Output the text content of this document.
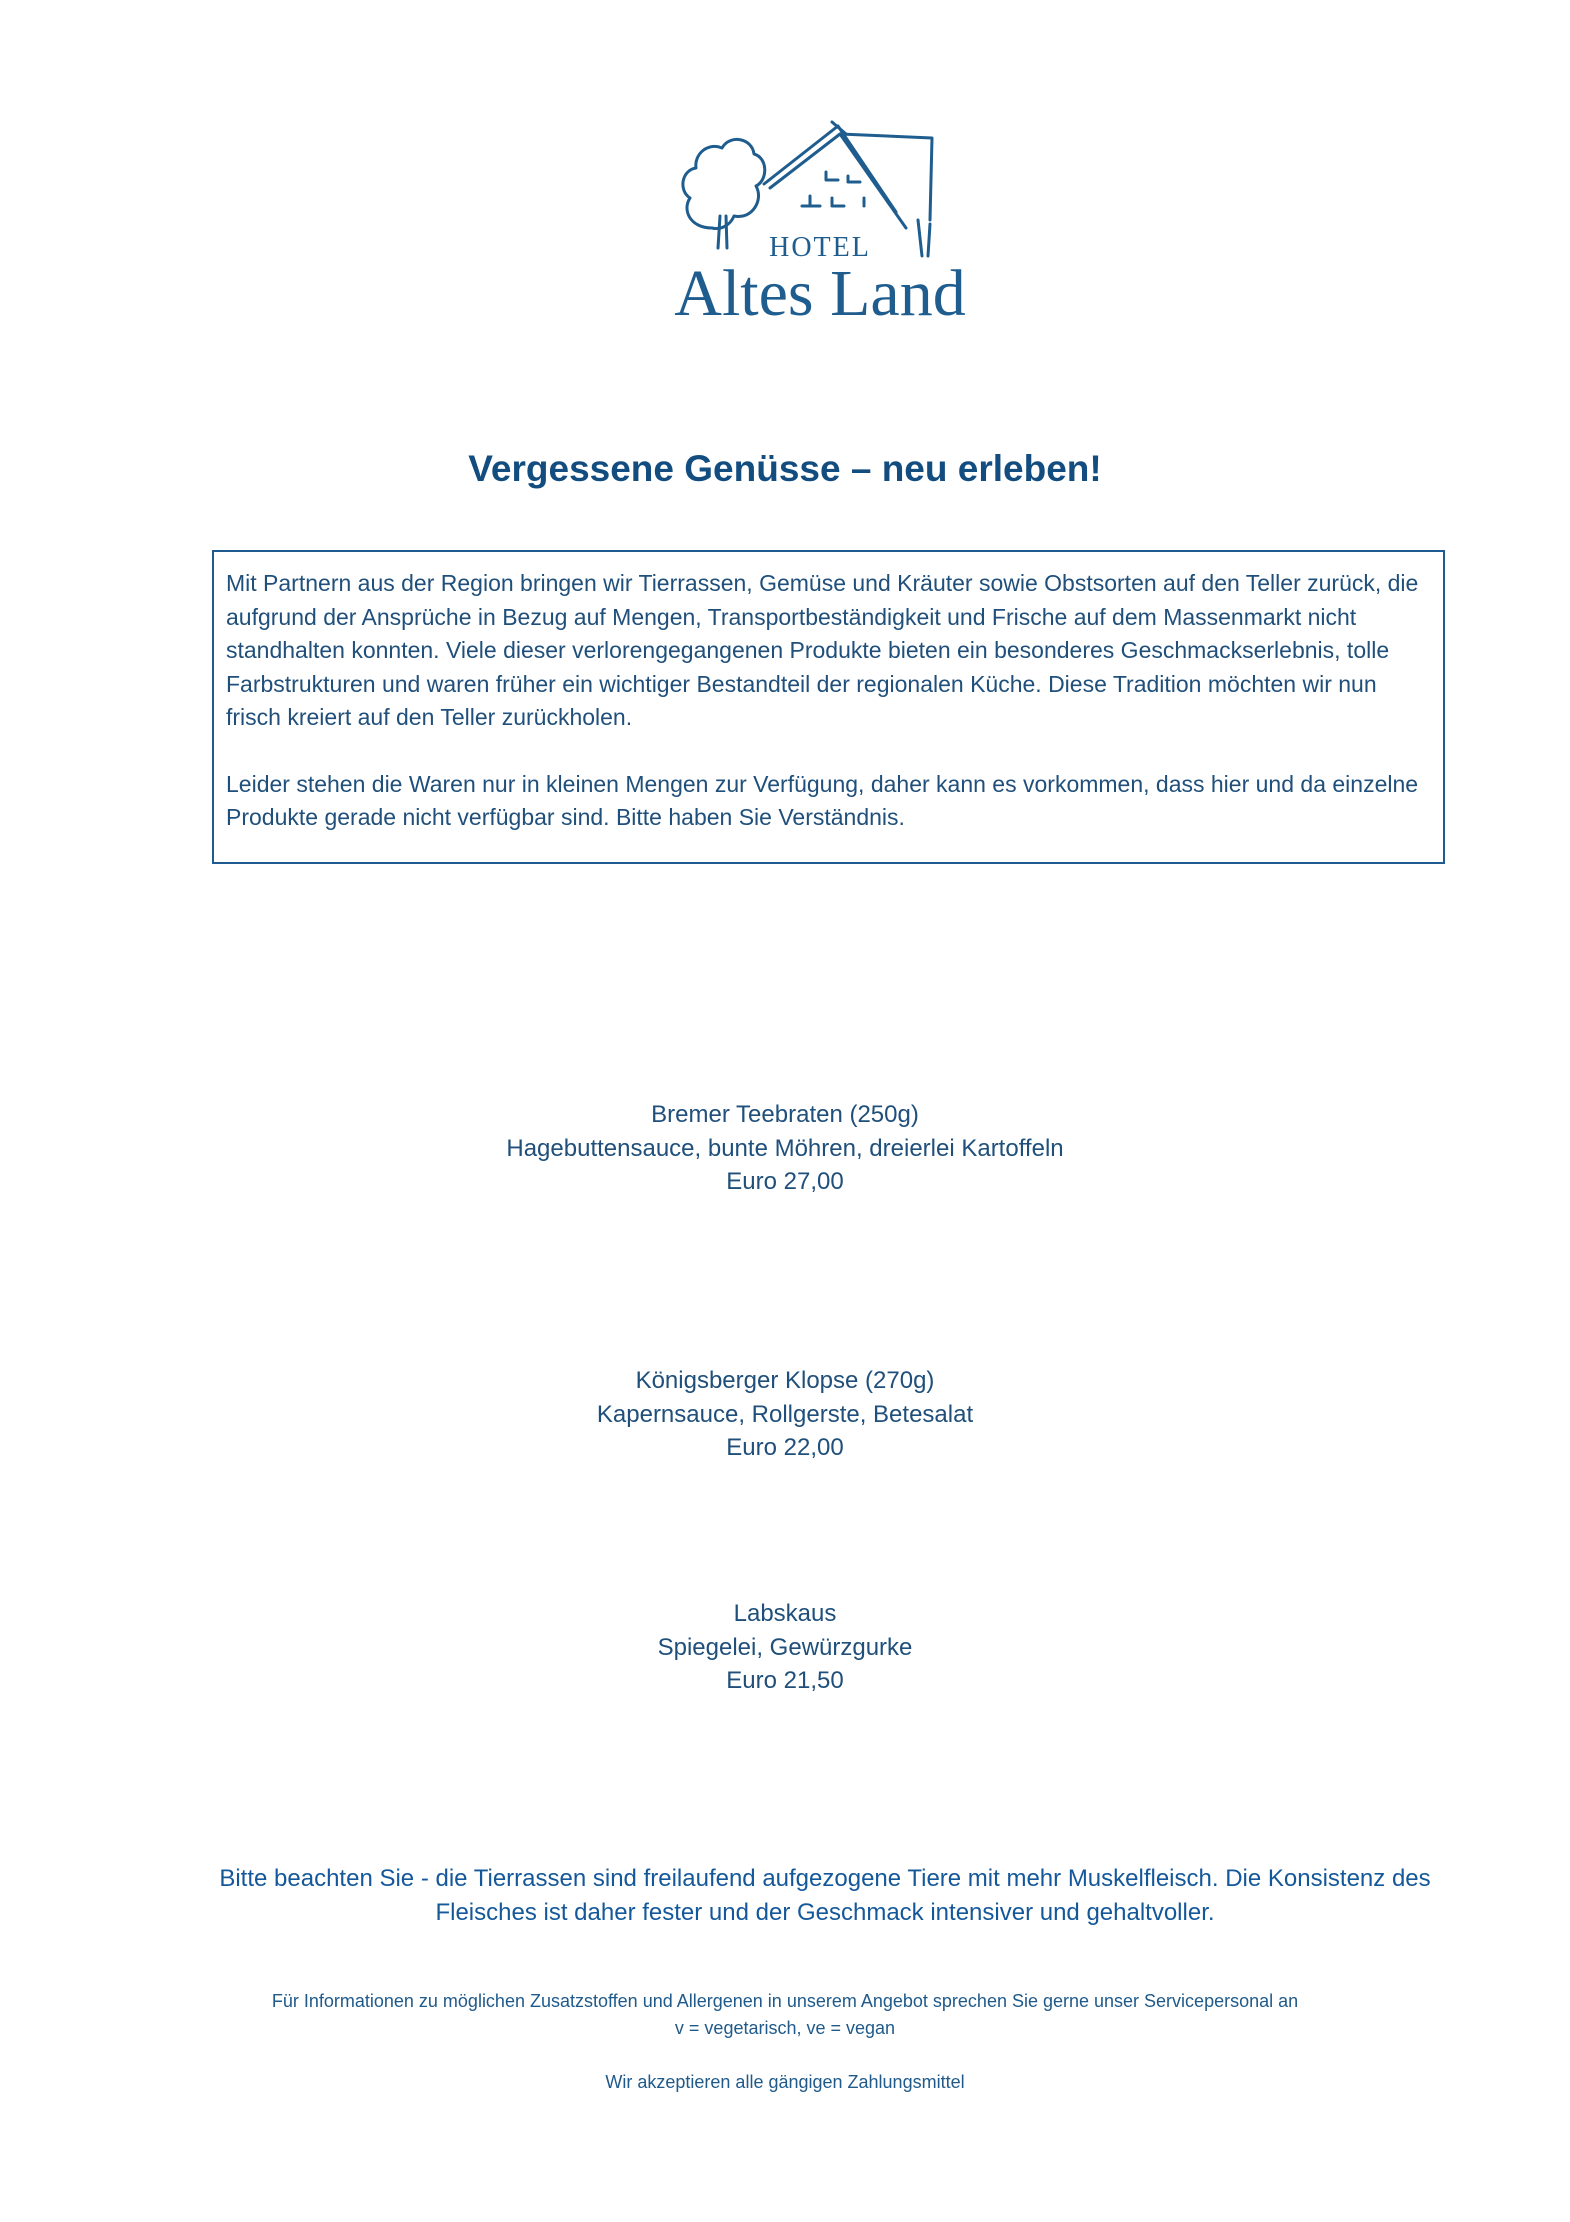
HOTEL
Altes Land
Vergessene Genüsse – neu erleben!

Mit Partnern aus der Region bringen wir Tierrassen, Gemüse und Kräuter sowie Obstsorten auf den Teller zurück, die aufgrund der Ansprüche in Bezug auf Mengen, Transportbeständigkeit und Frische auf dem Massenmarkt nicht standhalten konnten. Viele dieser verlorengegangenen Produkte bieten ein besonderes Geschmackserlebnis, tolle Farbstrukturen und waren früher ein wichtiger Bestandteil der regionalen Küche. Diese Tradition möchten wir nun frisch kreiert auf den Teller zurückholen.

Leider stehen die Waren nur in kleinen Mengen zur Verfügung, daher kann es vorkommen, dass hier und da einzelne Produkte gerade nicht verfügbar sind. Bitte haben Sie Verständnis.

Bremer Teebraten (250g)
Hagebuttensauce, bunte Möhren, dreierlei Kartoffeln
Euro 27,00
Königsberger Klopse (270g)
Kapernsauce, Rollgerste, Betesalat
Euro 22,00
Labskaus
Spiegelei, Gewürzgurke
Euro 21,50
Bitte beachten Sie - die Tierrassen sind freilaufend aufgezogene Tiere mit mehr Muskelfleisch. Die Konsistenz des Fleisches ist daher fester und der Geschmack intensiver und gehaltvoller.
Für Informationen zu möglichen Zusatzstoffen und Allergenen in unserem Angebot sprechen Sie gerne unser Servicepersonal an
v = vegetarisch, ve = vegan
Wir akzeptieren alle gängigen Zahlungsmittel
